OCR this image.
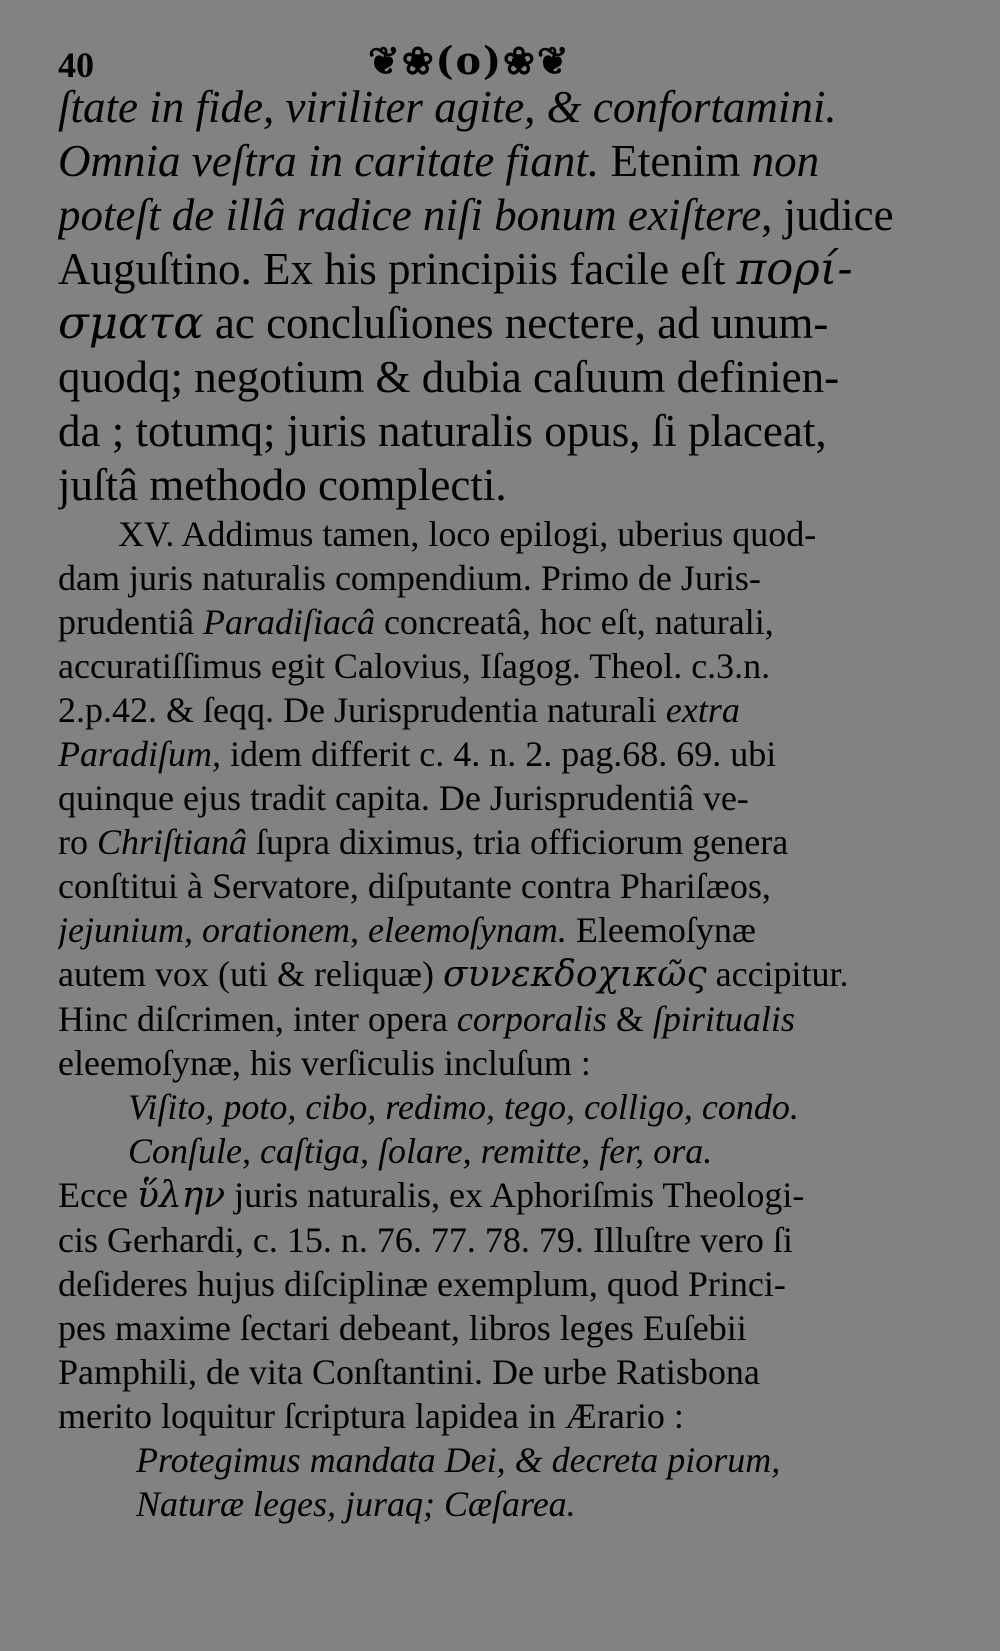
40	❦❀(o)❀❦
ſtate in fide, viriliter agite, & confortamini.
Omnia veſtra in caritate fiant. Etenim non
poteſt de illâ radice niſi bonum exiſtere, judice
Auguſtino. Ex his principiis facile eſt πορί-
σματα ac concluſiones nectere, ad unum-
quodq; negotium & dubia caſuum definien-
da ; totumq; juris naturalis opus, ſi placeat,
juſtâ methodo complecti.
XV. Addimus tamen, loco epilogi, uberius quod-
dam juris naturalis compendium. Primo de Juris-
prudentiâ Paradiſiacâ concreatâ, hoc eſt, naturali,
accuratiſſimus egit Calovius, Iſagog. Theol. c.3.n.
2.p.42. & ſeqq. De Jurisprudentia naturali extra
Paradiſum, idem differit c. 4. n. 2. pag.68. 69. ubi
quinque ejus tradit capita. De Jurisprudentiâ ve-
ro Chriſtianâ ſupra diximus, tria officiorum genera
conſtitui à Servatore, diſputante contra Phariſæos,
jejunium, orationem, eleemoſynam. Eleemoſynæ
autem vox (uti & reliquæ) συνεκδοχικῶς accipitur.
Hinc diſcrimen, inter opera corporalis & ſpiritualis
eleemoſynæ, his verſiculis incluſum :
Viſito, poto, cibo, redimo, tego, colligo, condo.
Conſule, caſtiga, ſolare, remitte, fer, ora.
Ecce ὕλην juris naturalis, ex Aphoriſmis Theologi-
cis Gerhardi, c. 15. n. 76. 77. 78. 79. Illuſtre vero ſi
deſideres hujus diſciplinæ exemplum, quod Princi-
pes maxime ſectari debeant, libros leges Euſebii
Pamphili, de vita Conſtantini. De urbe Ratisbona
merito loquitur ſcriptura lapidea in Ærario :
Protegimus mandata Dei, & decreta piorum,
Naturæ leges, juraq; Cæſarea.
